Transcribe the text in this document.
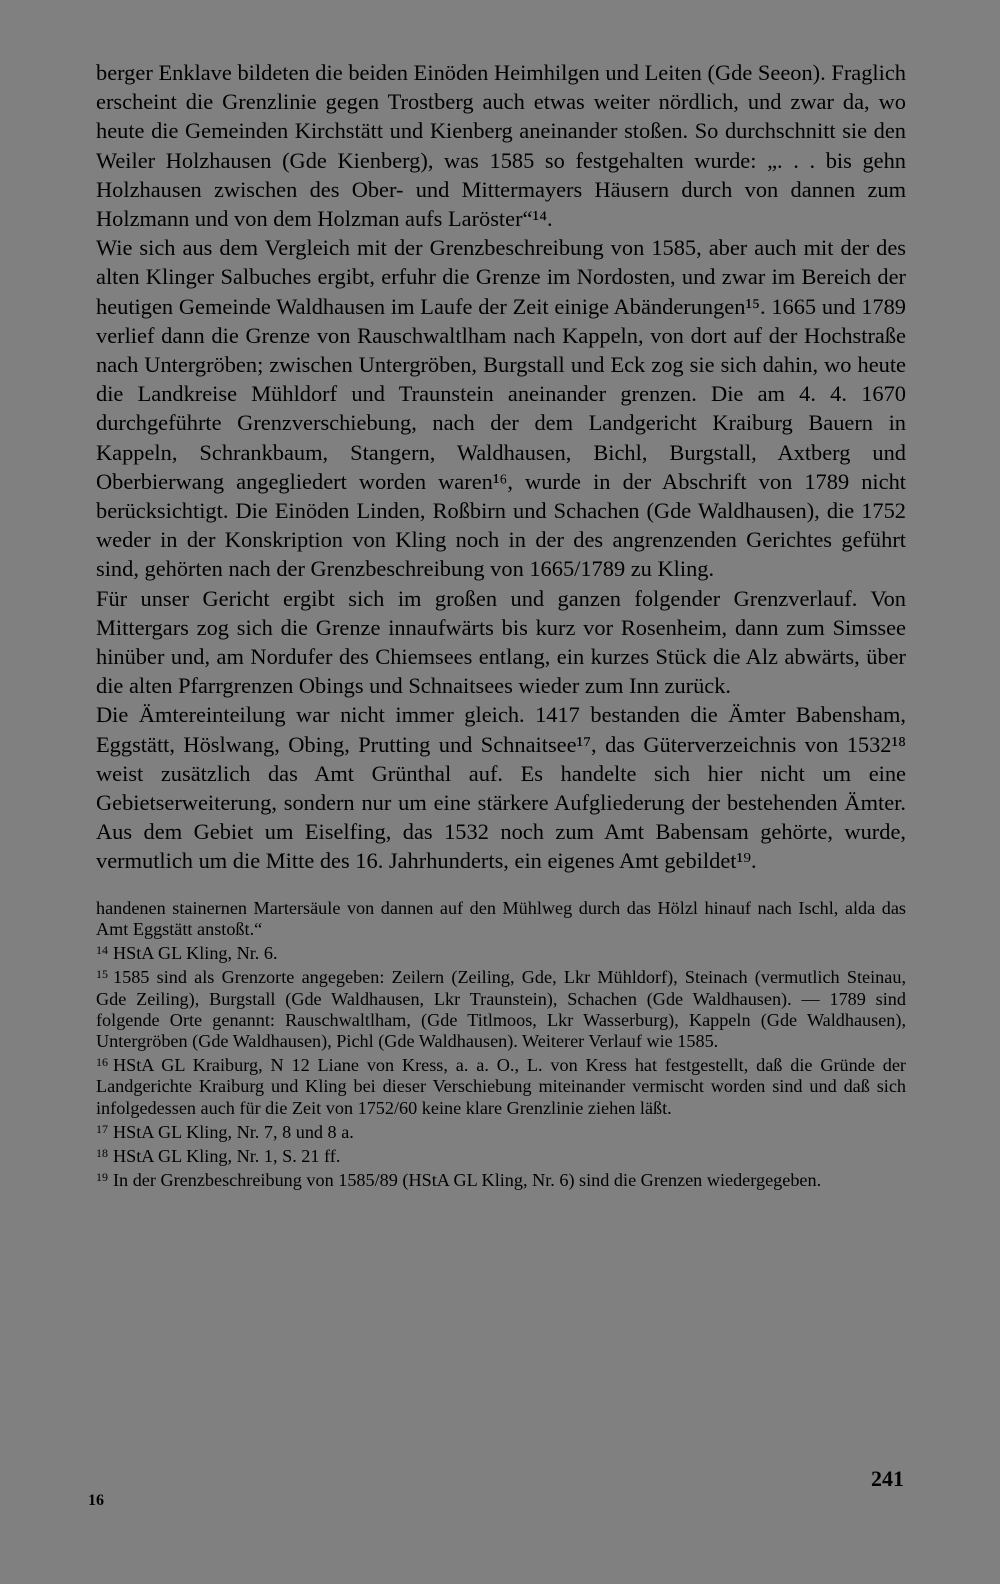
berger Enklave bildeten die beiden Einöden Heimhilgen und Leiten (Gde Seeon). Fraglich erscheint die Grenzlinie gegen Trostberg auch etwas weiter nördlich, und zwar da, wo heute die Gemeinden Kirchstätt und Kienberg aneinander stoßen. So durchschnitt sie den Weiler Holzhausen (Gde Kienberg), was 1585 so festgehalten wurde: „. . . bis gehn Holzhausen zwischen des Ober- und Mittermayers Häusern durch von dannen zum Holzmann und von dem Holzman aufs Laröster“¹⁴.

Wie sich aus dem Vergleich mit der Grenzbeschreibung von 1585, aber auch mit der des alten Klinger Salbuches ergibt, erfuhr die Grenze im Nordosten, und zwar im Bereich der heutigen Gemeinde Waldhausen im Laufe der Zeit einige Abänderungen¹⁵. 1665 und 1789 verlief dann die Grenze von Rauschwaltlham nach Kappeln, von dort auf der Hochstraße nach Untergröben; zwischen Untergröben, Burgstall und Eck zog sie sich dahin, wo heute die Landkreise Mühldorf und Traunstein aneinander grenzen. Die am 4. 4. 1670 durchgeführte Grenzverschiebung, nach der dem Landgericht Kraiburg Bauern in Kappeln, Schrankbaum, Stangern, Waldhausen, Bichl, Burgstall, Axtberg und Oberbierwang angegliedert worden waren¹⁶, wurde in der Abschrift von 1789 nicht berücksichtigt. Die Einöden Linden, Roßbirn und Schachen (Gde Waldhausen), die 1752 weder in der Konskription von Kling noch in der des angrenzenden Gerichtes geführt sind, gehörten nach der Grenzbeschreibung von 1665/1789 zu Kling.

Für unser Gericht ergibt sich im großen und ganzen folgender Grenzverlauf. Von Mittergars zog sich die Grenze innaufwärts bis kurz vor Rosenheim, dann zum Simssee hinüber und, am Nordufer des Chiemsees entlang, ein kurzes Stück die Alz abwärts, über die alten Pfarrgrenzen Obings und Schnaitsees wieder zum Inn zurück.

Die Ämtereinteilung war nicht immer gleich. 1417 bestanden die Ämter Babensham, Eggstätt, Höslwang, Obing, Prutting und Schnaitsee¹⁷, das Güterverzeichnis von 1532¹⁸ weist zusätzlich das Amt Grünthal auf. Es handelte sich hier nicht um eine Gebietserweiterung, sondern nur um eine stärkere Aufgliederung der bestehenden Ämter. Aus dem Gebiet um Eiselfing, das 1532 noch zum Amt Babensam gehörte, wurde, vermutlich um die Mitte des 16. Jahrhunderts, ein eigenes Amt gebildet¹⁹.

handenen stainernen Martersäule von dannen auf den Mühlweg durch das Hölzl hinauf nach Ischl, alda das Amt Eggstätt anstoßt.“

$^{14}$ HStA GL Kling, Nr. 6.

$^{15}$ 1585 sind als Grenzorte angegeben: Zeilern (Zeiling, Gde, Lkr Mühldorf), Steinach (vermutlich Steinau, Gde Zeiling), Burgstall (Gde Waldhausen, Lkr Traunstein), Schachen (Gde Waldhausen). — 1789 sind folgende Orte genannt: Rauschwaltlham, (Gde Titlmoos, Lkr Wasserburg), Kappeln (Gde Waldhausen), Untergröben (Gde Waldhausen), Pichl (Gde Waldhausen). Weiterer Verlauf wie 1585.

$^{16}$ HStA GL Kraiburg, N 12 Liane von Kress, a. a. O., L. von Kress hat festgestellt, daß die Gründe der Landgerichte Kraiburg und Kling bei dieser Verschiebung miteinander vermischt worden sind und daß sich infolgedessen auch für die Zeit von 1752/60 keine klare Grenzlinie ziehen läßt.

$^{17}$ HStA GL Kling, Nr. 7, 8 und 8 a.

$^{18}$ HStA GL Kling, Nr. 1, S. 21 ff.

$^{19}$ In der Grenzbeschreibung von 1585/89 (HStA GL Kling, Nr. 6) sind die Grenzen wiedergegeben.

241
16
